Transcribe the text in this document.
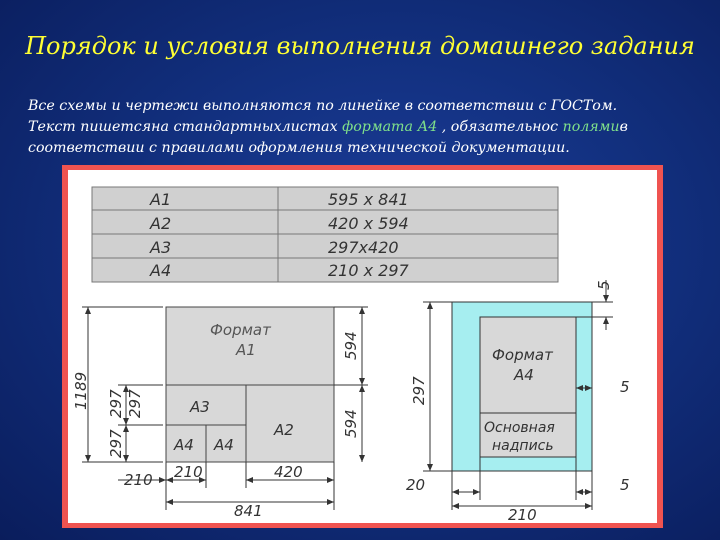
Порядок и условия выполнения домашнего задания
Все схемы и чертежи выполняются по линейке в соответствии с ГОСТом.
Текст пишетсяна стандартныхлистах формата А4 , обязательнос полямив
соответствии с правилами оформления технической документации.
A1
A2
A3
A4
595 x 841
420 x 594
297x420
210 x 297
Формат
A1
A3
A2
A4 A4
1189 297 297
297
210 210	420
841
594
594
Формат
A4
Основная
надпись
297
5
5
20	5
210
